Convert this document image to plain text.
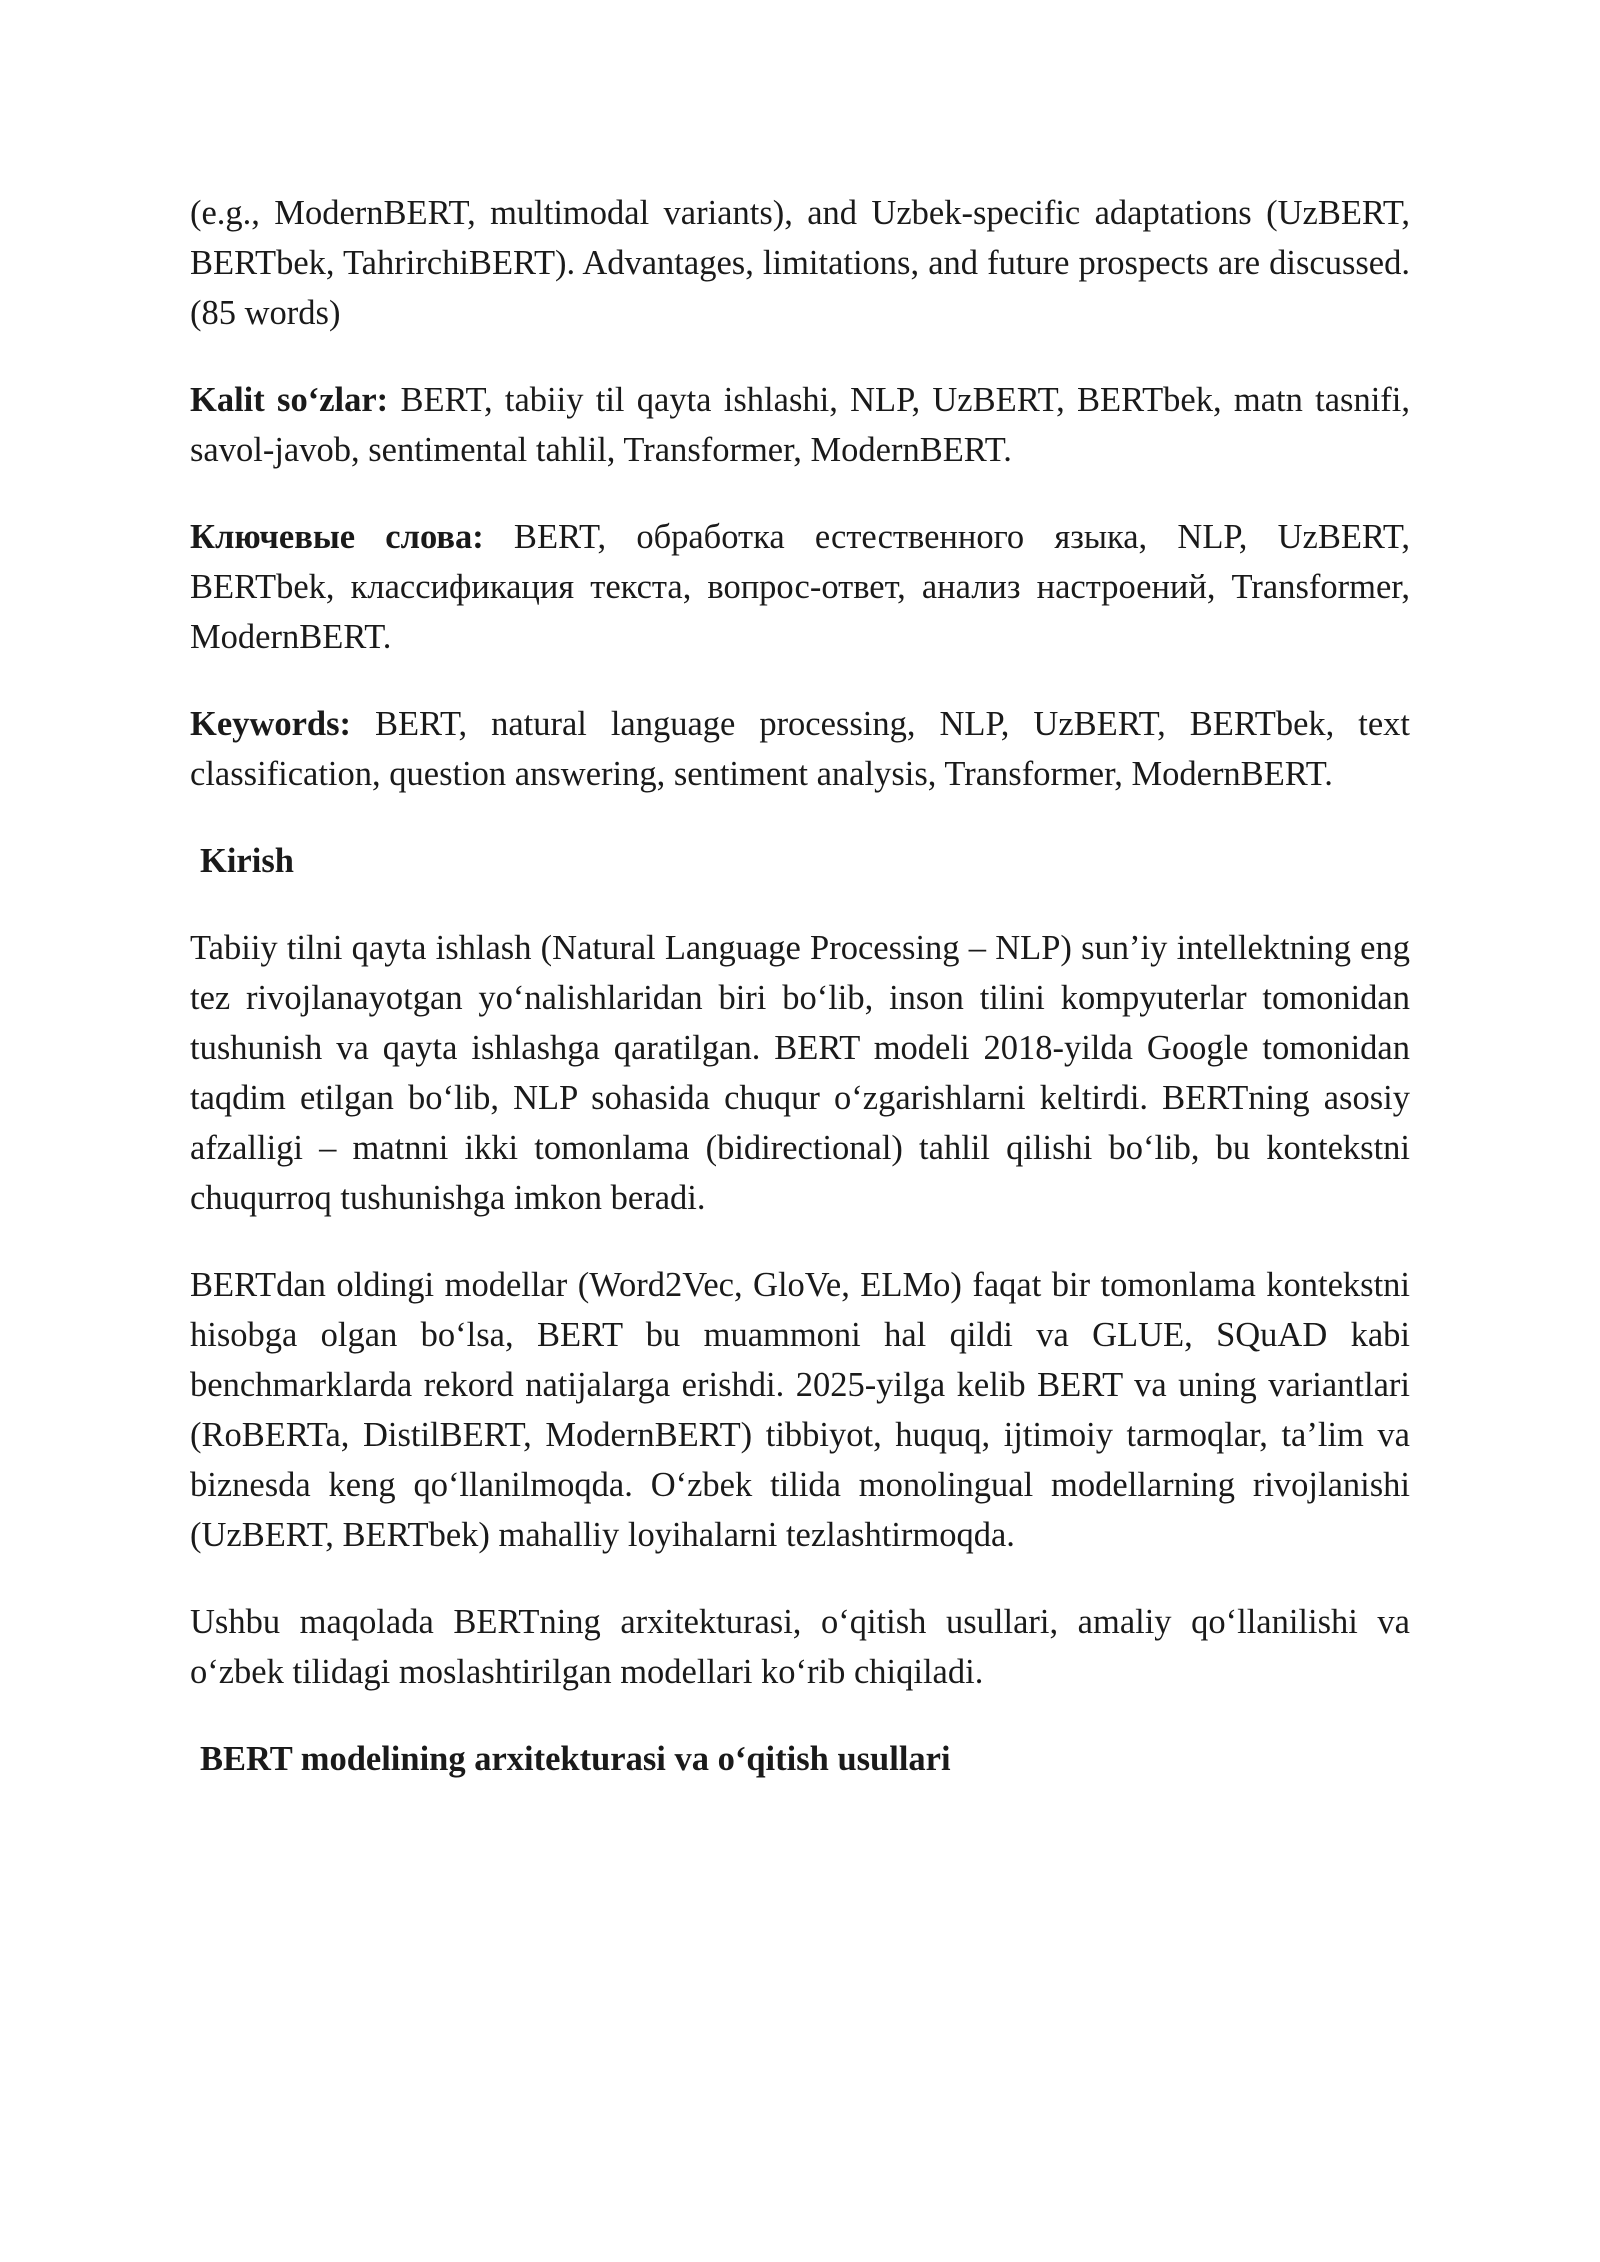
(e.g., ModernBERT, multimodal variants), and Uzbek-specific adaptations (UzBERT, BERTbek, TahrirchiBERT). Advantages, limitations, and future prospects are discussed. (85 words)

Kalit so‘zlar: BERT, tabiiy til qayta ishlashi, NLP, UzBERT, BERTbek, matn tasnifi, savol-javob, sentimental tahlil, Transformer, ModernBERT.

Ключевые слова: BERT, обработка естественного языка, NLP, UzBERT, BERTbek, классификация текста, вопрос-ответ, анализ настроений, Transformer, ModernBERT.

Keywords: BERT, natural language processing, NLP, UzBERT, BERTbek, text classification, question answering, sentiment analysis, Transformer, ModernBERT.

Kirish

Tabiiy tilni qayta ishlash (Natural Language Processing – NLP) sun’iy intellektning eng tez rivojlanayotgan yo‘nalishlaridan biri bo‘lib, inson tilini kompyuterlar tomonidan tushunish va qayta ishlashga qaratilgan. BERT modeli 2018-yilda Google tomonidan taqdim etilgan bo‘lib, NLP sohasida chuqur o‘zgarishlarni keltirdi. BERTning asosiy afzalligi – matnni ikki tomonlama (bidirectional) tahlil qilishi bo‘lib, bu kontekstni chuqurroq tushunishga imkon beradi.

BERTdan oldingi modellar (Word2Vec, GloVe, ELMo) faqat bir tomonlama kontekstni hisobga olgan bo‘lsa, BERT bu muammoni hal qildi va GLUE, SQuAD kabi benchmarklarda rekord natijalarga erishdi. 2025-yilga kelib BERT va uning variantlari (RoBERTa, DistilBERT, ModernBERT) tibbiyot, huquq, ijtimoiy tarmoqlar, ta’lim va biznesda keng qo‘llanilmoqda. O‘zbek tilida monolingual modellarning rivojlanishi (UzBERT, BERTbek) mahalliy loyihalarni tezlashtirmoqda.

Ushbu maqolada BERTning arxitekturasi, o‘qitish usullari, amaliy qo‘llanilishi va o‘zbek tilidagi moslashtirilgan modellari ko‘rib chiqiladi.

BERT modelining arxitekturasi va o‘qitish usullari
